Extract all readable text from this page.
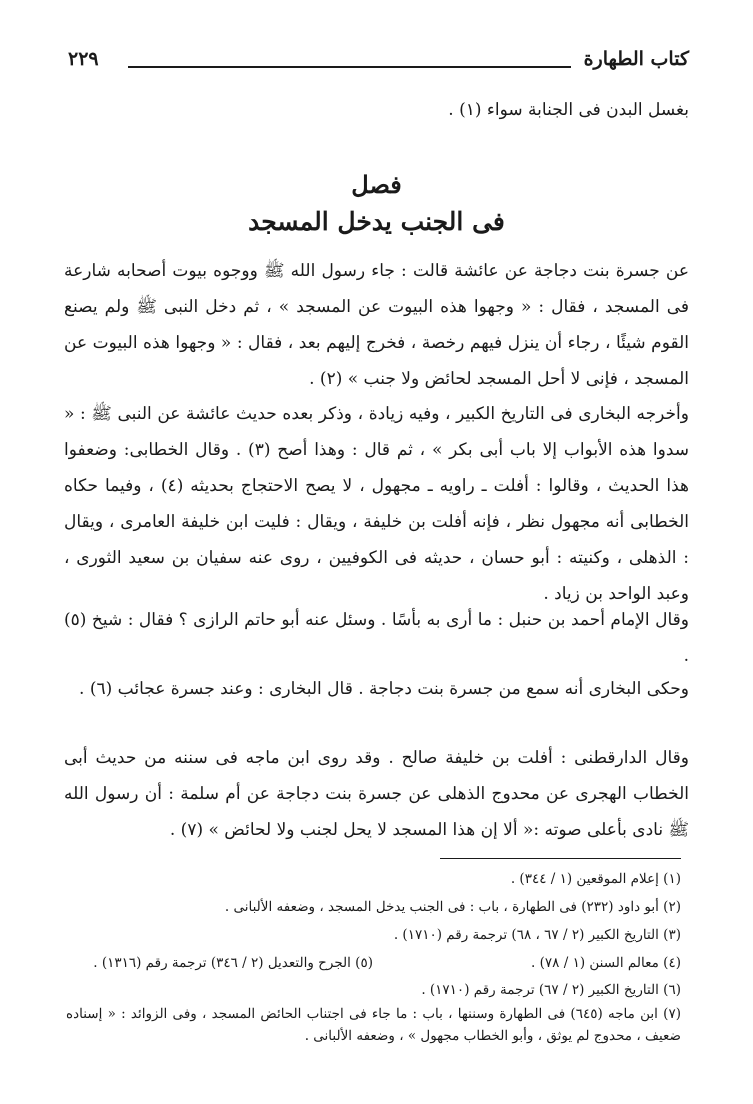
كتاب الطهارة
٢٢٩
بغسل البدن فى الجنابة سواء (١) .
فصل
فى الجنب يدخل المسجد
عن جسرة بنت دجاجة عن عائشة قالت : جاء رسول الله ﷺ ووجوه بيوت أصحابه شارعة فى المسجد ، فقال : « وجهوا هذه البيوت عن المسجد » ، ثم دخل النبى ﷺ ولم يصنع القوم شيئًا ، رجاء أن ينزل فيهم رخصة ، فخرج إليهم بعد ، فقال : « وجهوا هذه البيوت عن المسجد ، فإنى لا أحل المسجد لحائض ولا جنب » (٢) .
وأخرجه البخارى فى التاريخ الكبير ، وفيه زيادة ، وذكر بعده حديث عائشة عن النبى ﷺ : « سدوا هذه الأبواب إلا باب أبى بكر » ، ثم قال : وهذا أصح (٣) . وقال الخطابى: وضعفوا هذا الحديث ، وقالوا : أفلت ـ راويه ـ مجهول ، لا يصح الاحتجاج بحديثه (٤) ، وفيما حكاه الخطابى أنه مجهول نظر ، فإنه أفلت بن خليفة ، ويقال : فليت ابن خليفة العامرى ، ويقال : الذهلى ، وكنيته : أبو حسان ، حديثه فى الكوفيين ، روى عنه سفيان بن سعيد الثورى ، وعبد الواحد بن زياد .
وقال الإمام أحمد بن حنبل : ما أرى به بأسًا . وسئل عنه أبو حاتم الرازى ؟ فقال : شيخ (٥) .
وحكى البخارى أنه سمع من جسرة بنت دجاجة . قال البخارى : وعند جسرة عجائب (٦) .
وقال الدارقطنى : أفلت بن خليفة صالح . وقد روى ابن ماجه فى سننه من حديث أبى الخطاب الهجرى عن محدوج الذهلى عن جسرة بنت دجاجة عن أم سلمة : أن رسول الله ﷺ نادى بأعلى صوته :« ألا إن هذا المسجد لا يحل لجنب ولا لحائض » (٧) .
(١) إعلام الموقعين (١ / ٣٤٤) .
(٢) أبو داود (٢٣٢) فى الطهارة ، باب : فى الجنب يدخل المسجد ، وضعفه الألبانى .
(٣) التاريخ الكبير (٢ / ٦٧ ، ٦٨) ترجمة رقم (١٧١٠) .
(٤) معالم السنن (١ / ٧٨) .
(٥) الجرح والتعديل (٢ / ٣٤٦) ترجمة رقم (١٣١٦) .
(٦) التاريخ الكبير (٢ / ٦٧) ترجمة رقم (١٧١٠) .
(٧) ابن ماجه (٦٤٥) فى الطهارة وسننها ، باب : ما جاء فى اجتناب الحائض المسجد ، وفى الزوائد : « إسناده ضعيف ، محدوج لم يوثق ، وأبو الخطاب مجهول » ، وضعفه الألبانى .
